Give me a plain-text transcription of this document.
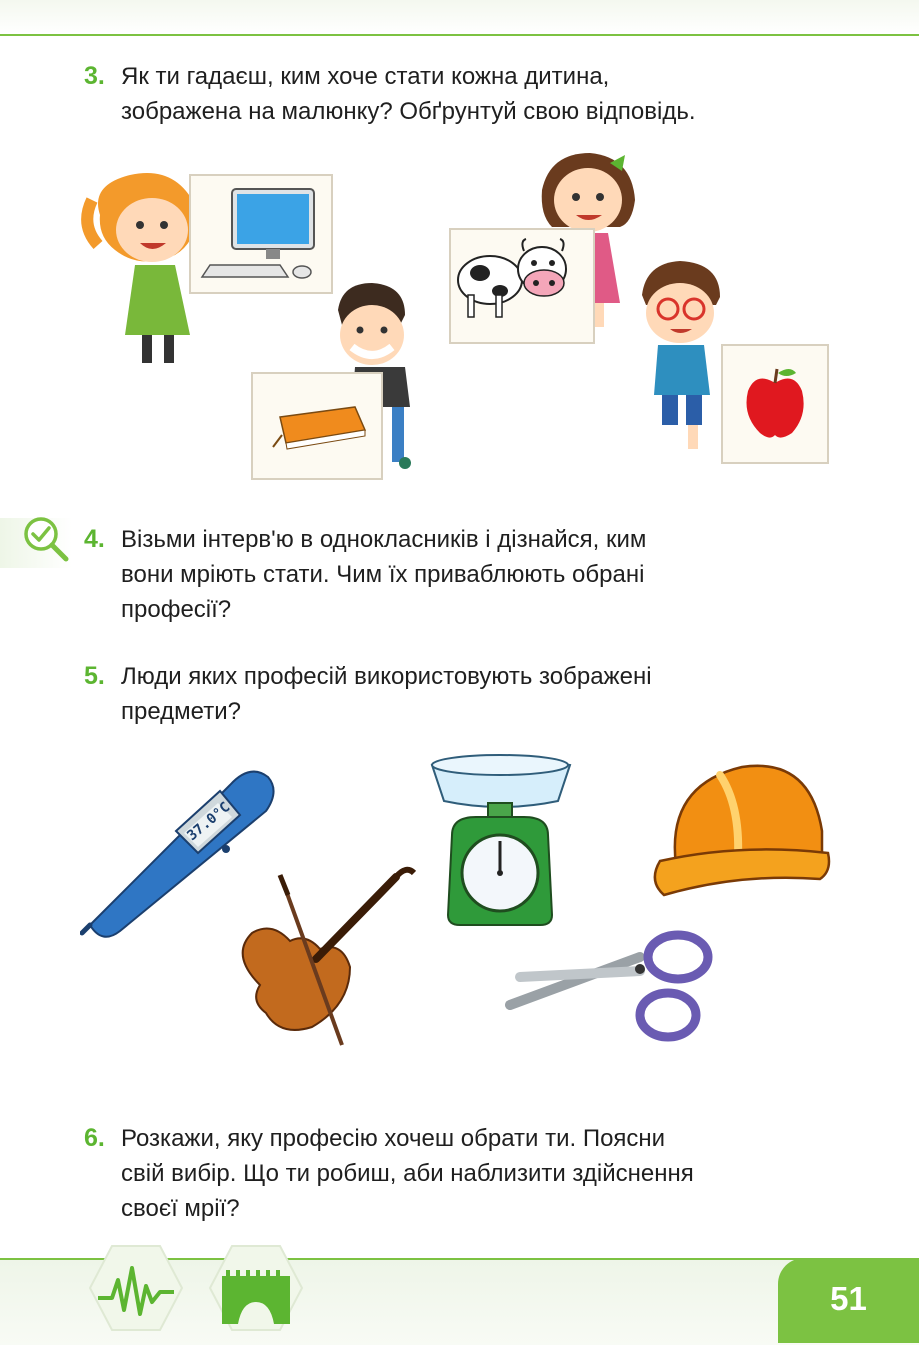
3. Як ти гадаєш, ким хоче стати кожна дитина,
зображена на малюнку? Обґрунтуй свою відповідь.
4. Візьми інтерв'ю в однокласників і дізнайся, ким
вони мріють стати. Чим їх приваблюють обрані
професії?
5. Люди яких професій використовують зображені
предмети?
37.0°C
6. Розкажи, яку професію хочеш обрати ти. Поясни
свій вибір. Що ти робиш, аби наблизити здійснення
своєї мрії?
51
